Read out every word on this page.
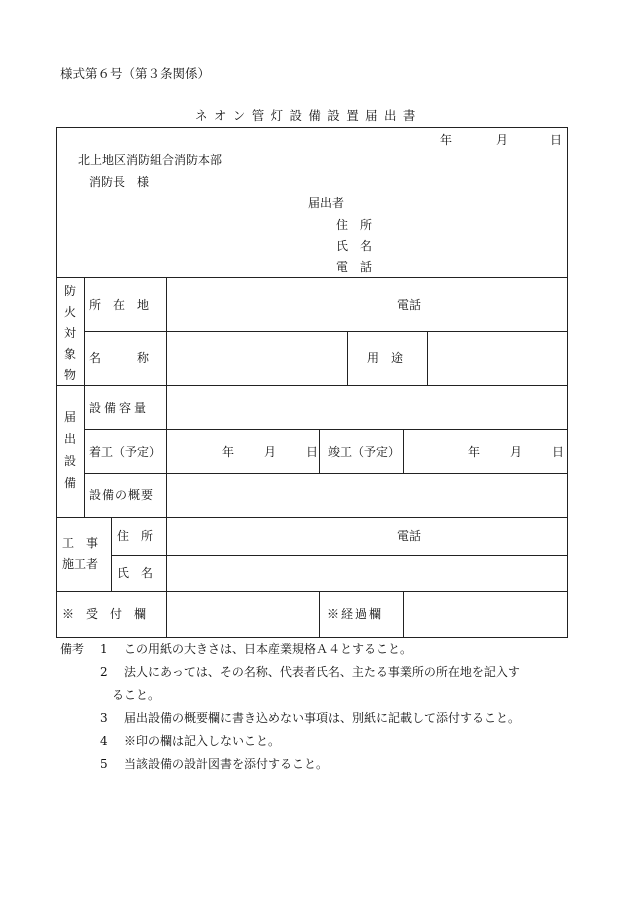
様式第６号（第３条関係）
ネオン管灯設備設置届出書
年	月	日
北上地区消防組合消防本部
消防長　様
届出者
住　所
氏　名
電　話
防
火
対
象
物
所　在　地	電話
名　　　称	用　途
届
出
設
備
設備容量
着工（予定）	年 月 日 竣工（予定）	年 月 日
設備の概要
工　事
施工者
住　所	電話
氏　名
※　受　付　欄	※経過欄
備考 1 この用紙の大きさは、日本産業規格Ａ４とすること。
2 法人にあっては、その名称、代表者氏名、主たる事業所の所在地を記入す
ること。
3 届出設備の概要欄に書き込めない事項は、別紙に記載して添付すること。
4 ※印の欄は記入しないこと。
5 当該設備の設計図書を添付すること。
